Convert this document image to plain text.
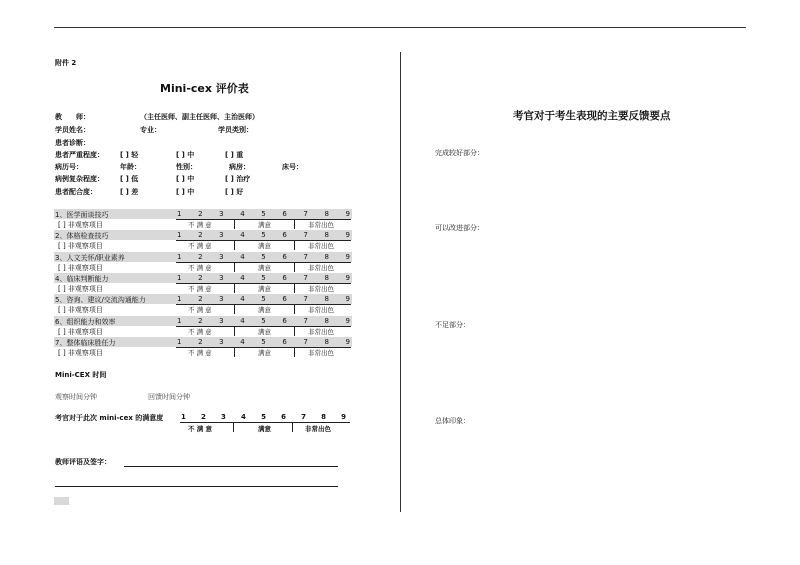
附件 2
Mini-cex 评价表
教　　师：	（主任医师、副主任医师、主治医师）
学员姓名：	专业：	学员类别：
患者诊断：
患者严重程度： [ ] 轻	[ ] 中	[ ] 重
病历号：	年龄：	性别：	病房：	床号：
病例复杂程度： [ ] 低	[ ] 中	[ ] 治疗
患者配合度：	[ ] 差	[ ] 中	[ ] 好
1、医学面谈技巧
[ ] 非观察项目
1 2 3 4 5 6 7 8 9
不 满 意	满意	非常出色
2、体格检查技巧
[ ] 非观察项目
1 2 3 4 5 6 7 8 9
不 满 意	满意	非常出色
3、人文关怀/职业素养
[ ] 非观察项目
1 2 3 4 5 6 7 8 9
不 满 意	满意	非常出色
4、临床判断能力
[ ] 非观察项目
1 2 3 4 5 6 7 8 9
不 满 意	满意	非常出色
5、咨询、建议/交流沟通能力
[ ] 非观察项目
1 2 3 4 5 6 7 8 9
不 满 意	满意	非常出色
6、组织能力和效率
[ ] 非观察项目
1 2 3 4 5 6 7 8 9
不 满 意	满意	非常出色
7、整体临床胜任力
[ ] 非观察项目
1 2 3 4 5 6 7 8 9
不 满 意	满意	非常出色
Mini-CEX 时间
观察时间分钟	回馈时间分钟
考官对于此次 mini-cex 的满意度	1 2 3 4 5 6 7 8 9
不 满 意	满意	非常出色
教师评语及签字：
考官对于考生表现的主要反馈要点
完成较好部分：
可以改进部分：
不足部分：
总体印象：
